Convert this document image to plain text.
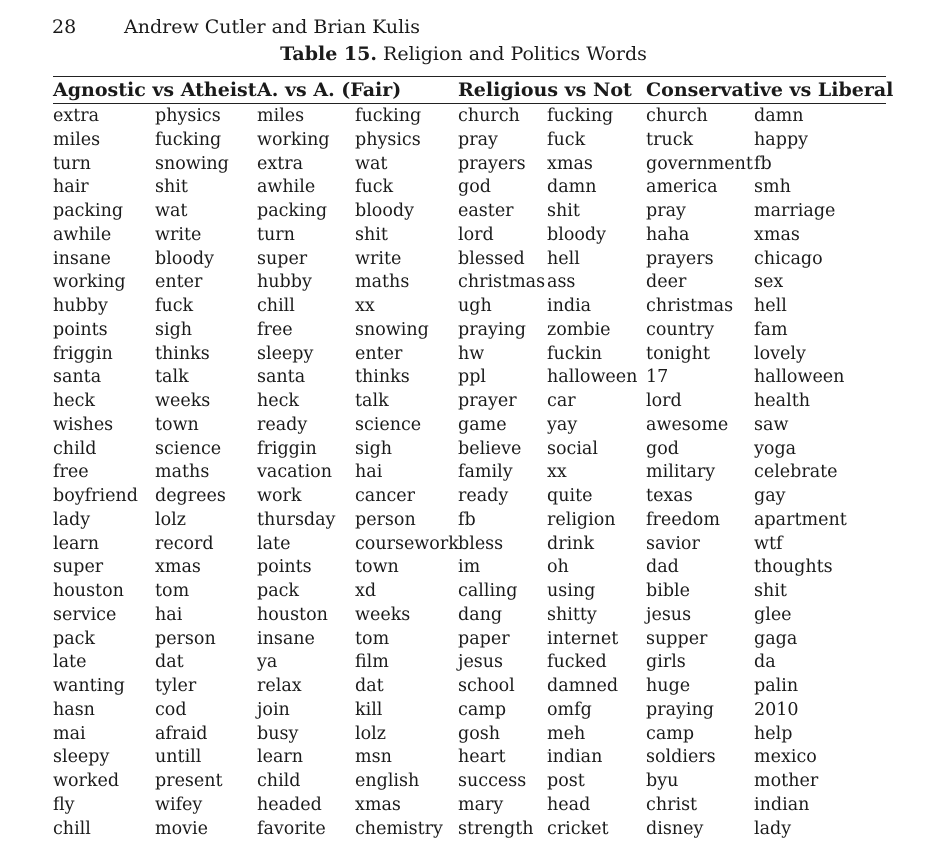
28	Andrew Cutler and Brian Kulis
Table 15. Religion and Politics Words
Agnostic vs Atheist		A. vs A. (Fair)		Religious vs Not		Conservative vs Liberal	
extra	physics	miles	fucking	church	fucking	church	damn
miles	fucking	working	physics	pray	fuck	truck	happy
turn	snowing	extra	wat	prayers	xmas	government	fb
hair	shit	awhile	fuck	god	damn	america	smh
packing	wat	packing	bloody	easter	shit	pray	marriage
awhile	write	turn	shit	lord	bloody	haha	xmas
insane	bloody	super	write	blessed	hell	prayers	chicago
working	enter	hubby	maths	christmas	ass	deer	sex
hubby	fuck	chill	xx	ugh	india	christmas	hell
points	sigh	free	snowing	praying	zombie	country	fam
friggin	thinks	sleepy	enter	hw	fuckin	tonight	lovely
santa	talk	santa	thinks	ppl	halloween	17	halloween
heck	weeks	heck	talk	prayer	car	lord	health
wishes	town	ready	science	game	yay	awesome	saw
child	science	friggin	sigh	believe	social	god	yoga
free	maths	vacation	hai	family	xx	military	celebrate
boyfriend	degrees	work	cancer	ready	quite	texas	gay
lady	lolz	thursday	person	fb	religion	freedom	apartment
learn	record	late	coursework	bless	drink	savior	wtf
super	xmas	points	town	im	oh	dad	thoughts
houston	tom	pack	xd	calling	using	bible	shit
service	hai	houston	weeks	dang	shitty	jesus	glee
pack	person	insane	tom	paper	internet	supper	gaga
late	dat	ya	film	jesus	fucked	girls	da
wanting	tyler	relax	dat	school	damned	huge	palin
hasn	cod	join	kill	camp	omfg	praying	2010
mai	afraid	busy	lolz	gosh	meh	camp	help
sleepy	untill	learn	msn	heart	indian	soldiers	mexico
worked	present	child	english	success	post	byu	mother
fly	wifey	headed	xmas	mary	head	christ	indian
chill	movie	favorite	chemistry	strength	cricket	disney	lady
